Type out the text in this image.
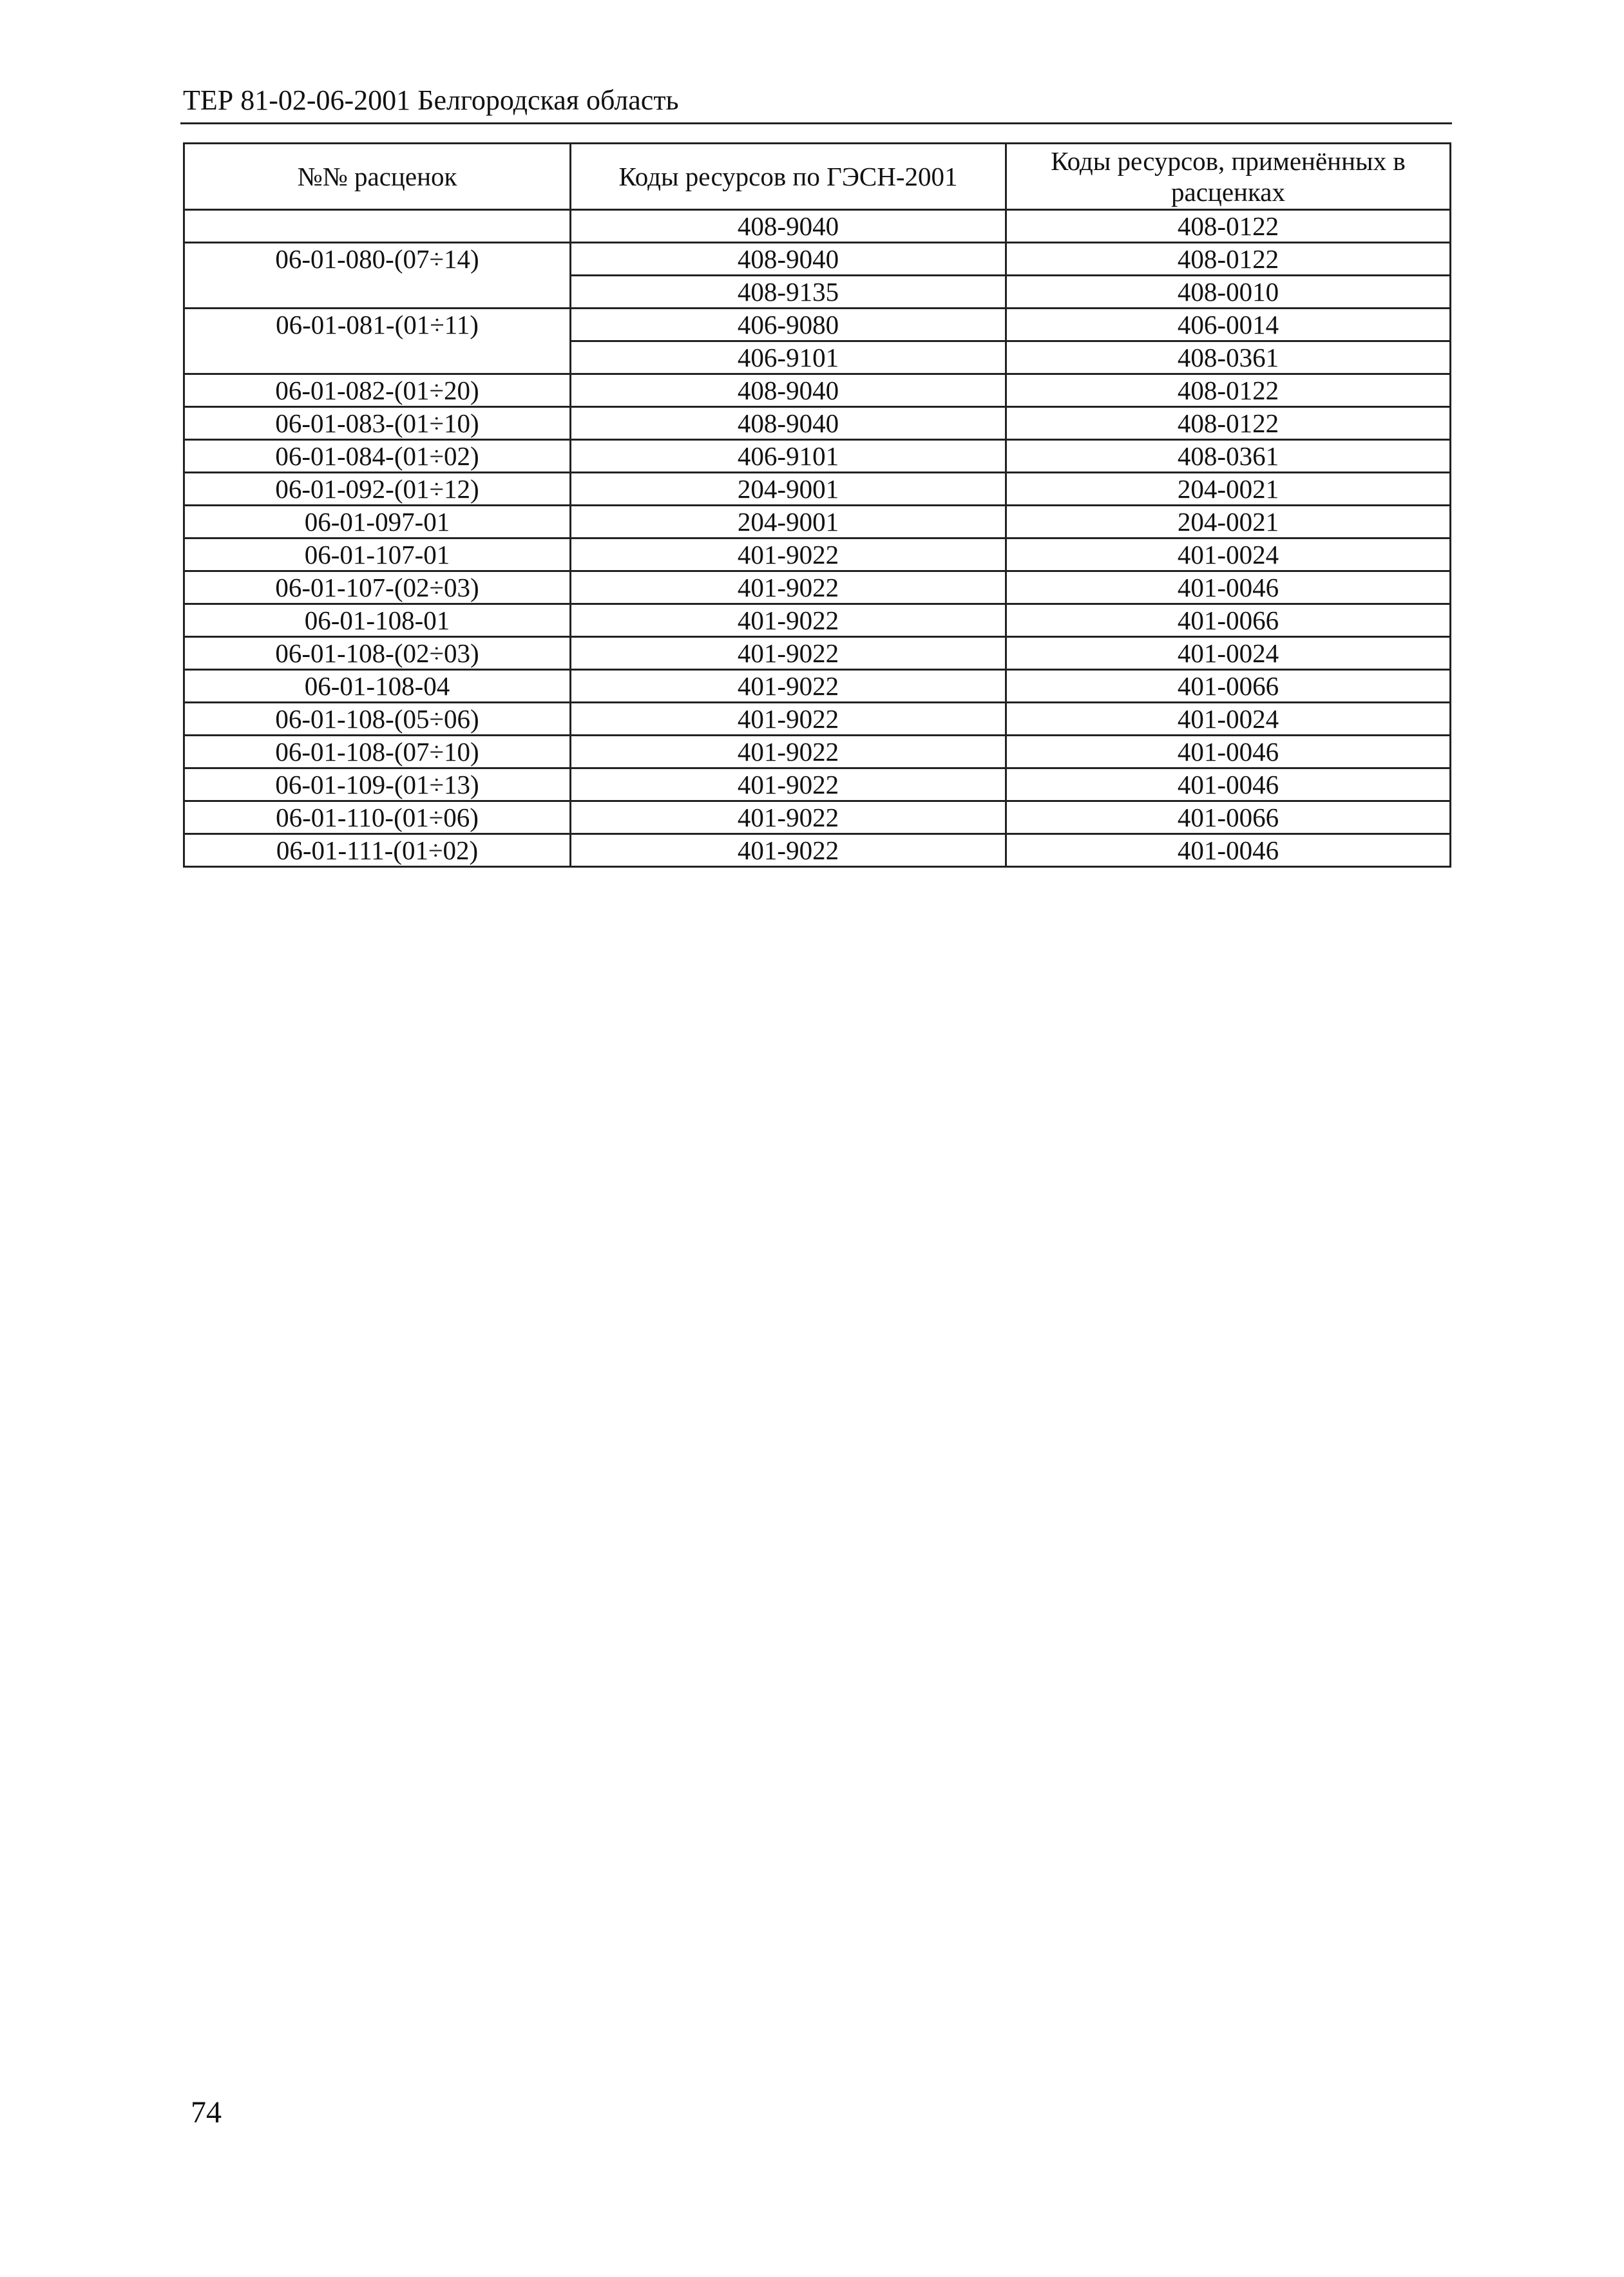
ТЕР 81-02-06-2001 Белгородская область
№№ расценок	Коды ресурсов по ГЭСН-2001	Коды ресурсов, применённых в расценках
	408-9040	408-0122
06-01-080-(07÷14)	408-9040	408-0122
	408-9135	408-0010
06-01-081-(01÷11)	406-9080	406-0014
	406-9101	408-0361
06-01-082-(01÷20)	408-9040	408-0122
06-01-083-(01÷10)	408-9040	408-0122
06-01-084-(01÷02)	406-9101	408-0361
06-01-092-(01÷12)	204-9001	204-0021
06-01-097-01	204-9001	204-0021
06-01-107-01	401-9022	401-0024
06-01-107-(02÷03)	401-9022	401-0046
06-01-108-01	401-9022	401-0066
06-01-108-(02÷03)	401-9022	401-0024
06-01-108-04	401-9022	401-0066
06-01-108-(05÷06)	401-9022	401-0024
06-01-108-(07÷10)	401-9022	401-0046
06-01-109-(01÷13)	401-9022	401-0046
06-01-110-(01÷06)	401-9022	401-0066
06-01-111-(01÷02)	401-9022	401-0046
74
